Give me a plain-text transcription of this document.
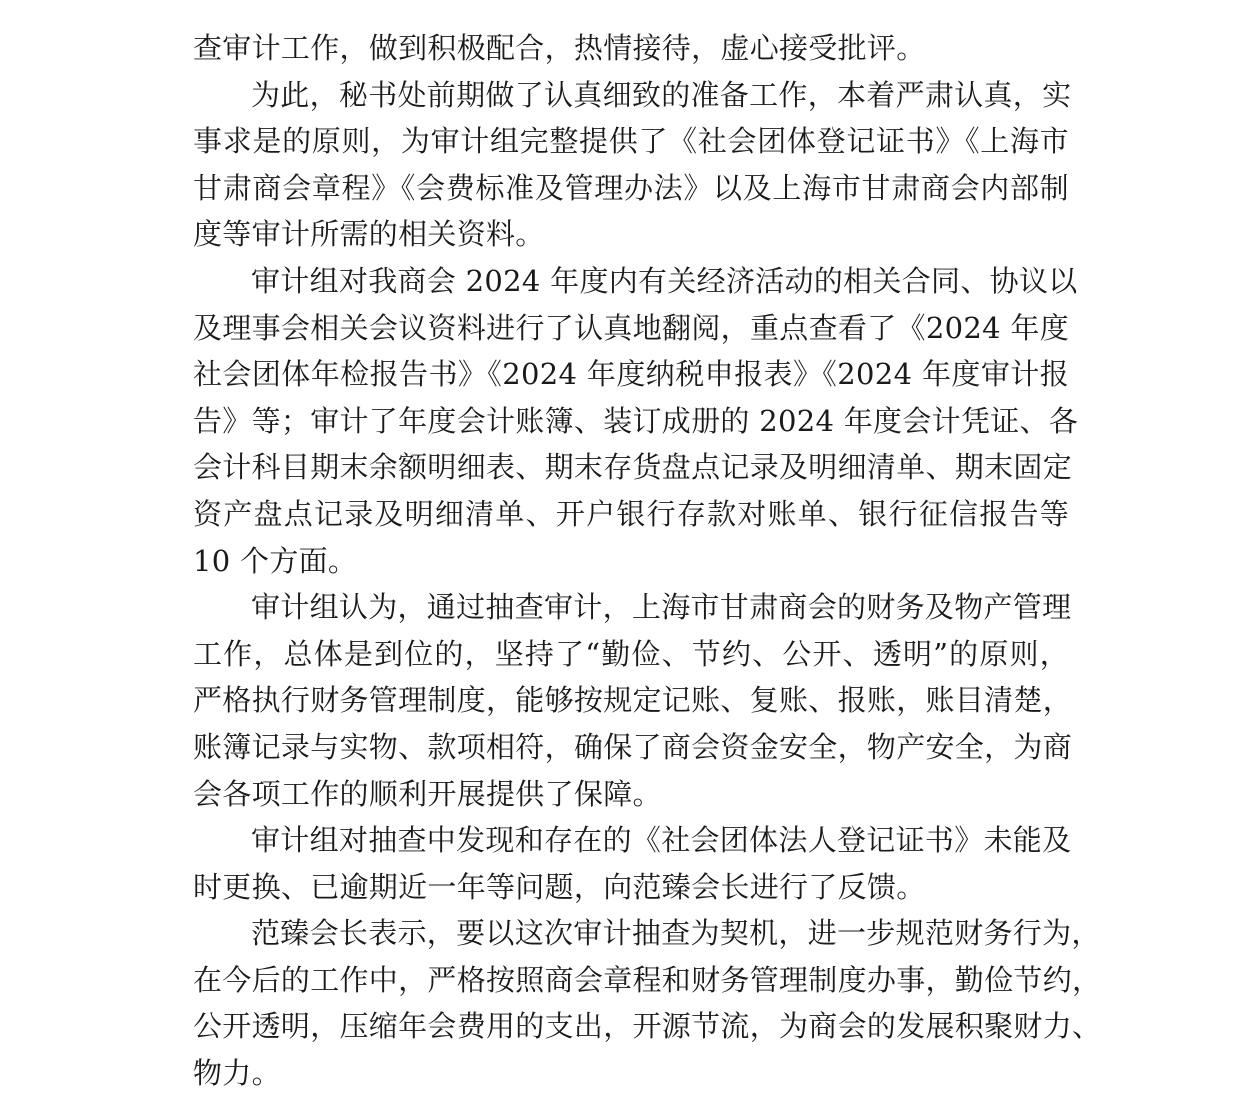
查审计工作，做到积极配合，热情接待，虚心接受批评。

为此，秘书处前期做了认真细致的准备工作，本着严肃认真，实
事求是的原则，为审计组完整提供了《社会团体登记证书》《上海市
甘肃商会章程》《会费标准及管理办法》以及上海市甘肃商会内部制
度等审计所需的相关资料。

审计组对我商会 2024 年度内有关经济活动的相关合同、协议以
及理事会相关会议资料进行了认真地翻阅，重点查看了《2024 年度
社会团体年检报告书》《2024 年度纳税申报表》《2024 年度审计报
告》等；审计了年度会计账簿、装订成册的 2024 年度会计凭证、各
会计科目期末余额明细表、期末存货盘点记录及明细清单、期末固定
资产盘点记录及明细清单、开户银行存款对账单、银行征信报告等
10 个方面。

审计组认为，通过抽查审计，上海市甘肃商会的财务及物产管理
工作，总体是到位的，坚持了“勤俭、节约、公开、透明”的原则，
严格执行财务管理制度，能够按规定记账、复账、报账，账目清楚，
账簿记录与实物、款项相符，确保了商会资金安全，物产安全，为商
会各项工作的顺利开展提供了保障。

审计组对抽查中发现和存在的《社会团体法人登记证书》未能及
时更换、已逾期近一年等问题，向范臻会长进行了反馈。

范臻会长表示，要以这次审计抽查为契机，进一步规范财务行为，
在今后的工作中，严格按照商会章程和财务管理制度办事，勤俭节约，
公开透明，压缩年会费用的支出，开源节流，为商会的发展积聚财力、
物力。
